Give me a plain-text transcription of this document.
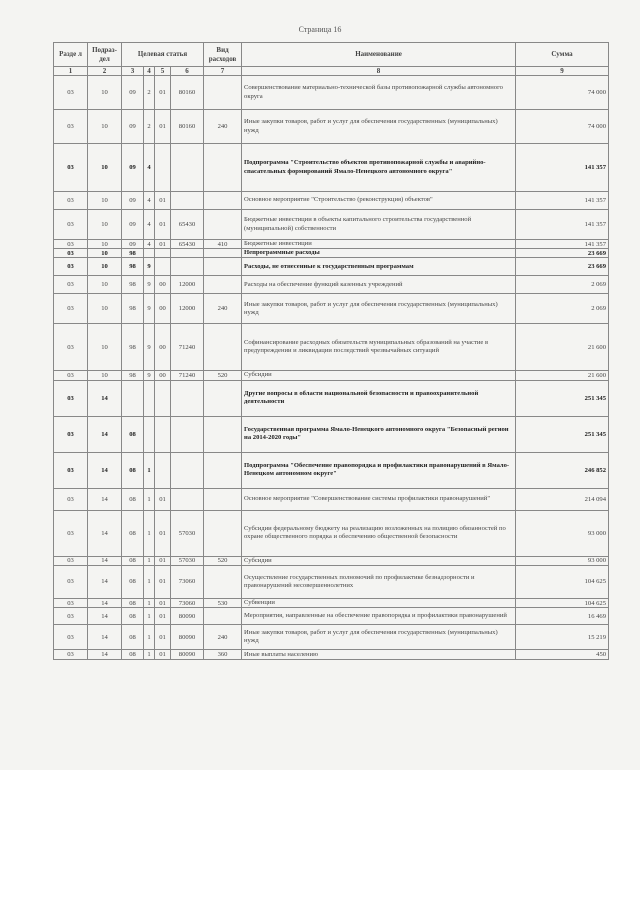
Страница 16
Разде л	Подраз-дел	Целевая статья				Вид расходов	Наименование	Сумма
1	2	3	4	5	6	7	8	9
03	10	09	2	01	80160		Совершенствование материально-технической базы противопожарной службы автономного округа	74 000
03	10	09	2	01	80160	240	Иные закупки товаров, работ и услуг для обеспечения государственных (муниципальных) нужд	74 000
03	10	09	4				Подпрограмма "Строительство объектов противопожарной службы и аварийно-спасательных формирований Ямало-Ненецкого автономного округа"	141 357
03	10	09	4	01			Основное мероприятие "Строительство (реконструкция) объектов"	141 357
03	10	09	4	01	65430		Бюджетные инвестиции в объекты капитального строительства государственной (муниципальной) собственности	141 357
03	10	09	4	01	65430	410	Бюджетные инвестиции	141 357
03	10	98					Непрограммные расходы	23 669
03	10	98	9				Расходы, не отнесенные к государственным программам	23 669
03	10	98	9	00	12000		Расходы на обеспечение функций казенных учреждений	2 069
03	10	98	9	00	12000	240	Иные закупки товаров, работ и услуг для обеспечения государственных (муниципальных) нужд	2 069
03	10	98	9	00	71240		Софинансирование расходных обязательств муниципальных образований на участие в предупреждении и ликвидации последствий чрезвычайных ситуаций	21 600
03	10	98	9	00	71240	520	Субсидии	21 600
03	14						Другие вопросы в области национальной безопасности и правоохранительной деятельности	251 345
03	14	08					Государственная программа Ямало-Ненецкого автономного округа "Безопасный регион на 2014-2020 годы"	251 345
03	14	08	1				Подпрограмма "Обеспечение правопорядка и профилактики правонарушений в Ямало-Ненецком автономном округе"	246 852
03	14	08	1	01			Основное мероприятие "Совершенствование системы профилактики правонарушений"	214 094
03	14	08	1	01	57030		Субсидии федеральному бюджету на реализацию возложенных на полицию обязанностей по охране общественного порядка и обеспечению общественной безопасности	93 000
03	14	08	1	01	57030	520	Субсидии	93 000
03	14	08	1	01	73060		Осуществление государственных полномочий по профилактике безнадзорности и правонарушений несовершеннолетних	104 625
03	14	08	1	01	73060	530	Субвенции	104 625
03	14	08	1	01	80090		Мероприятия, направленные на обеспечение правопорядка и профилактики правонарушений	16 469
03	14	08	1	01	80090	240	Иные закупки товаров, работ и услуг для обеспечения государственных (муниципальных) нужд	15 219
03	14	08	1	01	80090	360	Иные выплаты населению	450
